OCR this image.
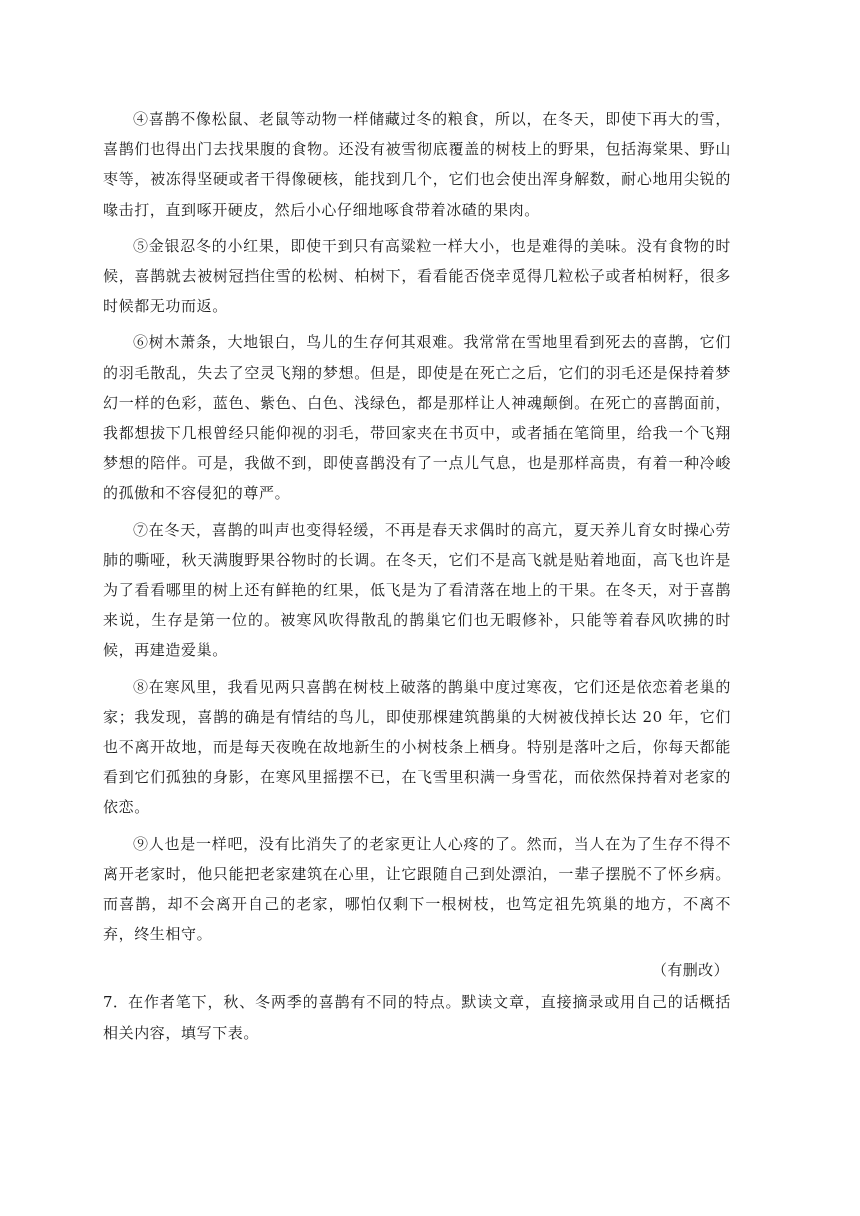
④喜鹊不像松鼠、老鼠等动物一样储藏过冬的粮食，所以，在冬天，即使下再大的雪，喜鹊们也得出门去找果腹的食物。还没有被雪彻底覆盖的树枝上的野果，包括海棠果、野山枣等，被冻得坚硬或者干得像硬核，能找到几个，它们也会使出浑身解数，耐心地用尖锐的喙击打，直到啄开硬皮，然后小心仔细地啄食带着冰碴的果肉。

⑤金银忍冬的小红果，即使干到只有高粱粒一样大小，也是难得的美味。没有食物的时候，喜鹊就去被树冠挡住雪的松树、柏树下，看看能否侥幸觅得几粒松子或者柏树籽，很多时候都无功而返。

⑥树木萧条，大地银白，鸟儿的生存何其艰难。我常常在雪地里看到死去的喜鹊，它们的羽毛散乱，失去了空灵飞翔的梦想。但是，即使是在死亡之后，它们的羽毛还是保持着梦幻一样的色彩，蓝色、紫色、白色、浅绿色，都是那样让人神魂颠倒。在死亡的喜鹊面前，我都想拔下几根曾经只能仰视的羽毛，带回家夹在书页中，或者插在笔筒里，给我一个飞翔梦想的陪伴。可是，我做不到，即使喜鹊没有了一点儿气息，也是那样高贵，有着一种冷峻的孤傲和不容侵犯的尊严。

⑦在冬天，喜鹊的叫声也变得轻缓，不再是春天求偶时的高亢，夏天养儿育女时操心劳肺的嘶哑，秋天满腹野果谷物时的长调。在冬天，它们不是高飞就是贴着地面，高飞也许是为了看看哪里的树上还有鲜艳的红果，低飞是为了看清落在地上的干果。在冬天，对于喜鹊来说，生存是第一位的。被寒风吹得散乱的鹊巢它们也无暇修补，只能等着春风吹拂的时候，再建造爱巢。

⑧在寒风里，我看见两只喜鹊在树枝上破落的鹊巢中度过寒夜，它们还是依恋着老巢的家；我发现，喜鹊的确是有情结的鸟儿，即使那棵建筑鹊巢的大树被伐掉长达 20 年，它们也不离开故地，而是每天夜晚在故地新生的小树枝条上栖身。特别是落叶之后，你每天都能看到它们孤独的身影，在寒风里摇摆不已，在飞雪里积满一身雪花，而依然保持着对老家的依恋。

⑨人也是一样吧，没有比消失了的老家更让人心疼的了。然而，当人在为了生存不得不离开老家时，他只能把老家建筑在心里，让它跟随自己到处漂泊，一辈子摆脱不了怀乡病。而喜鹊，却不会离开自己的老家，哪怕仅剩下一根树枝，也笃定祖先筑巢的地方，不离不弃，终生相守。

（有删改）

7．在作者笔下，秋、冬两季的喜鹊有不同的特点。默读文章，直接摘录或用自己的话概括相关内容，填写下表。
